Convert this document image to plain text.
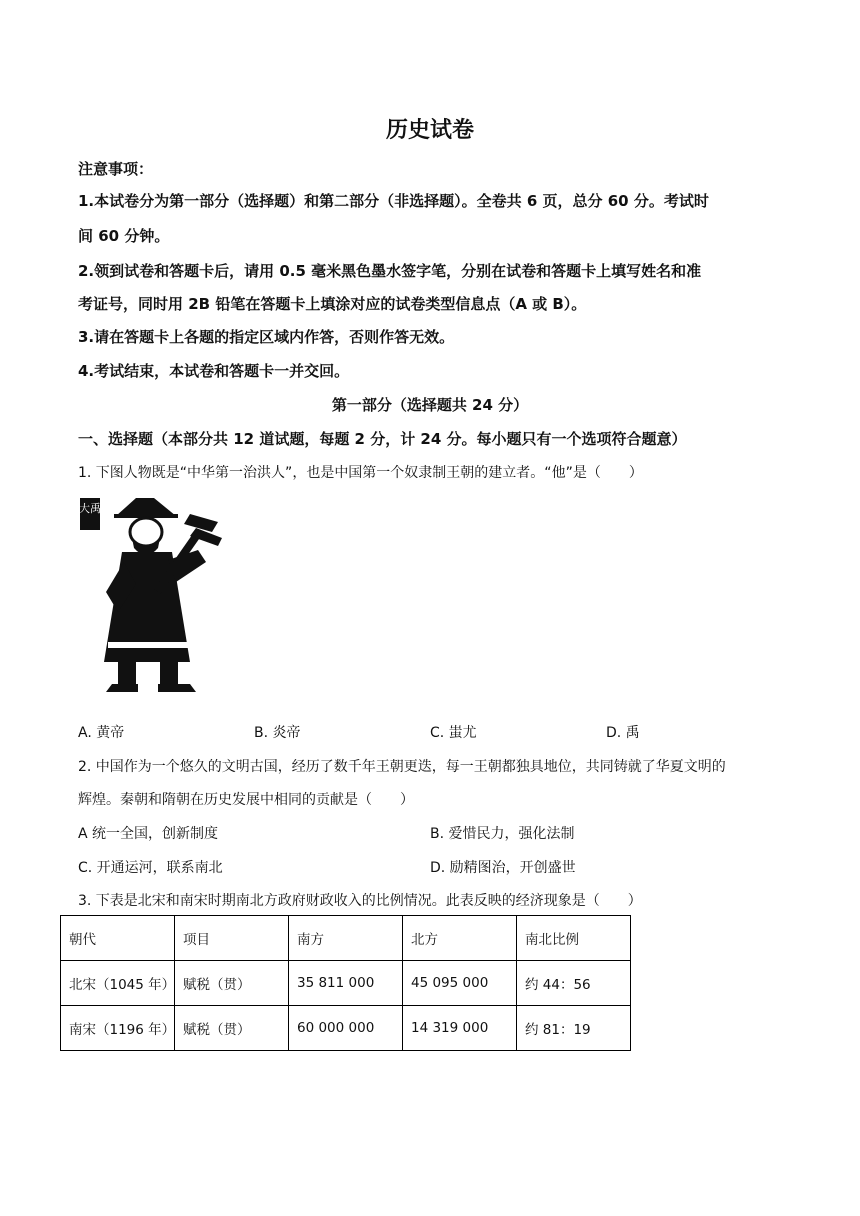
历史试卷
注意事项：
1.本试卷分为第一部分（选择题）和第二部分（非选择题）。全卷共 6 页，总分 60 分。考试时
间 60 分钟。
2.领到试卷和答题卡后，请用 0.5 毫米黑色墨水签字笔，分别在试卷和答题卡上填写姓名和准
考证号，同时用 2B 铅笔在答题卡上填涂对应的试卷类型信息点（A 或 B）。
3.请在答题卡上各题的指定区域内作答，否则作答无效。
4.考试结束，本试卷和答题卡一并交回。
第一部分（选择题共 24 分）
一、选择题（本部分共 12 道试题，每题 2 分，计 24 分。每小题只有一个选项符合题意）
1. 下图人物既是“中华第一治洪人”，也是中国第一个奴隶制王朝的建立者。“他”是（　　）
大禹
A. 黄帝	B. 炎帝	C. 蚩尤	D. 禹
2. 中国作为一个悠久的文明古国，经历了数千年王朝更迭，每一王朝都独具地位，共同铸就了华夏文明的
辉煌。秦朝和隋朝在历史发展中相同的贡献是（　　）
A 统一全国，创新制度	B. 爱惜民力，强化法制
C. 开通运河，联系南北	D. 励精图治，开创盛世
3. 下表是北宋和南宋时期南北方政府财政收入的比例情况。此表反映的经济现象是（　　）
朝代	项目	南方	北方	南北比例
北宋（1045 年）	赋税（贯）	35 811 000	45 095 000	约 44：56
南宋（1196 年）	赋税（贯）	60 000 000	14 319 000	约 81：19
